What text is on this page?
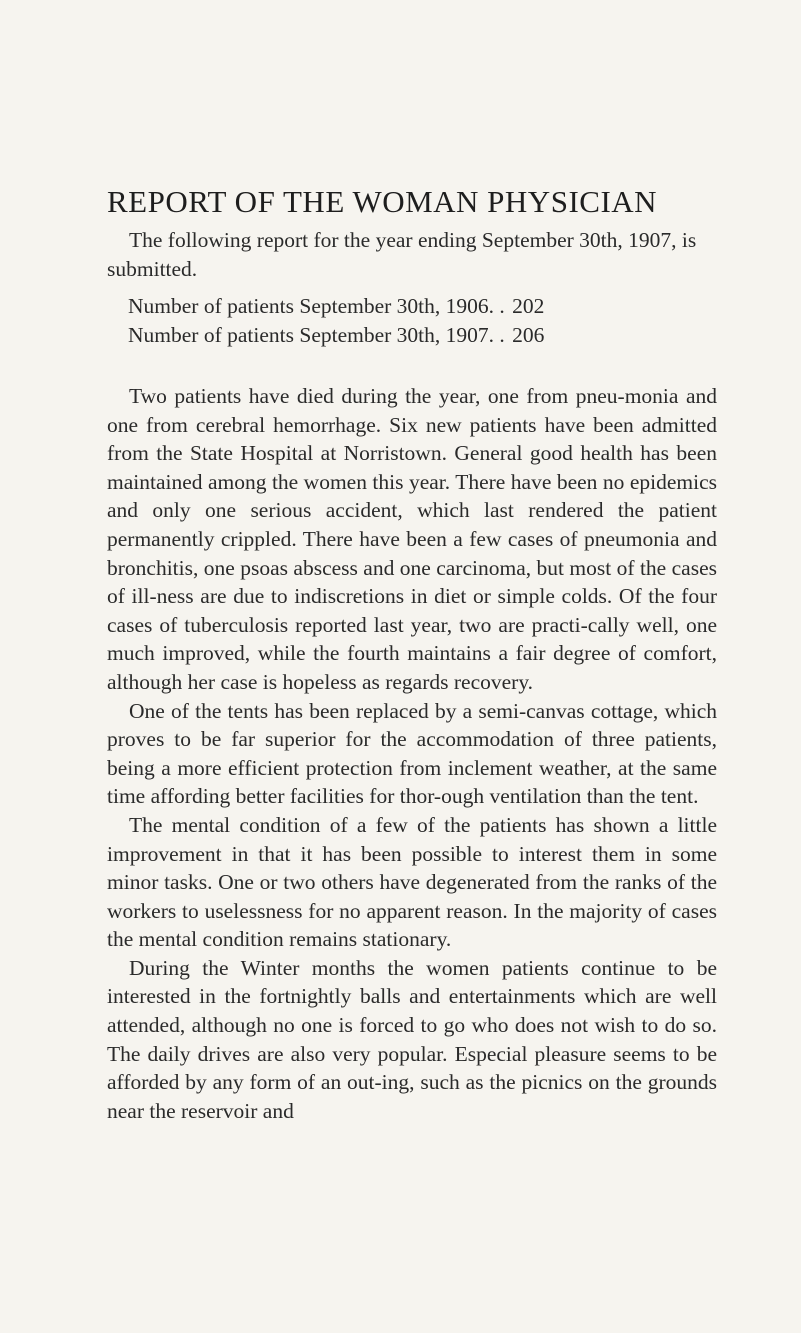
REPORT OF THE WOMAN PHYSICIAN
The following report for the year ending September 30th, 1907, is submitted.
Number of patients September 30th, 1906. . 202
Number of patients September 30th, 1907. . 206

Two patients have died during the year, one from pneu-monia and one from cerebral hemorrhage. Six new patients have been admitted from the State Hospital at Norristown. General good health has been maintained among the women this year. There have been no epidemics and only one serious accident, which last rendered the patient permanently crippled. There have been a few cases of pneumonia and bronchitis, one psoas abscess and one carcinoma, but most of the cases of ill-ness are due to indiscretions in diet or simple colds. Of the four cases of tuberculosis reported last year, two are practi-cally well, one much improved, while the fourth maintains a fair degree of comfort, although her case is hopeless as regards recovery.

One of the tents has been replaced by a semi-canvas cottage, which proves to be far superior for the accommodation of three patients, being a more efficient protection from inclement weather, at the same time affording better facilities for thor-ough ventilation than the tent.

The mental condition of a few of the patients has shown a little improvement in that it has been possible to interest them in some minor tasks. One or two others have degenerated from the ranks of the workers to uselessness for no apparent reason. In the majority of cases the mental condition remains stationary.

During the Winter months the women patients continue to be interested in the fortnightly balls and entertainments which are well attended, although no one is forced to go who does not wish to do so. The daily drives are also very popular. Especial pleasure seems to be afforded by any form of an out-ing, such as the picnics on the grounds near the reservoir and
